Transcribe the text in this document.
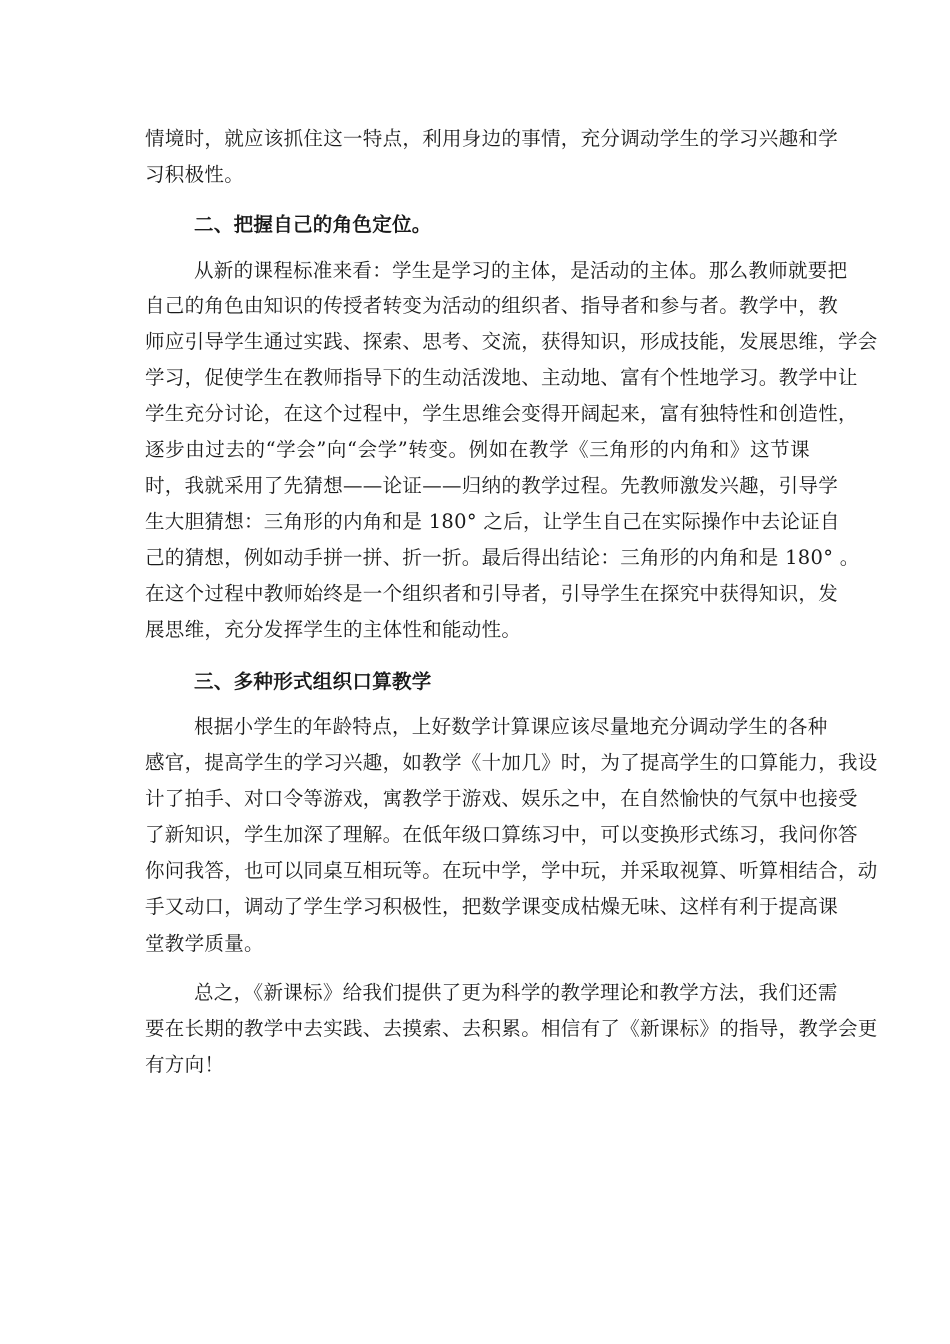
情境时，就应该抓住这一特点，利用身边的事情，充分调动学生的学习兴趣和学
习积极性。
二、把握自己的角色定位。
从新的课程标准来看：学生是学习的主体，是活动的主体。那么教师就要把
自己的角色由知识的传授者转变为活动的组织者、指导者和参与者。教学中，教
师应引导学生通过实践、探索、思考、交流，获得知识，形成技能，发展思维，学会
学习，促使学生在教师指导下的生动活泼地、主动地、富有个性地学习。教学中让
学生充分讨论，在这个过程中，学生思维会变得开阔起来，富有独特性和创造性，
逐步由过去的“学会”向“会学”转变。例如在教学《三角形的内角和》这节课
时，我就采用了先猜想——论证——归纳的教学过程。先教师激发兴趣，引导学
生大胆猜想：三角形的内角和是 180° 之后，让学生自己在实际操作中去论证自
己的猜想，例如动手拼一拼、折一折。最后得出结论：三角形的内角和是 180° 。
在这个过程中教师始终是一个组织者和引导者，引导学生在探究中获得知识，发
展思维，充分发挥学生的主体性和能动性。
三、多种形式组织口算教学
根据小学生的年龄特点，上好数学计算课应该尽量地充分调动学生的各种
感官，提高学生的学习兴趣，如教学《十加几》时，为了提高学生的口算能力，我设
计了拍手、对口令等游戏，寓教学于游戏、娱乐之中，在自然愉快的气氛中也接受
了新知识，学生加深了理解。在低年级口算练习中，可以变换形式练习，我问你答
你问我答，也可以同桌互相玩等。在玩中学，学中玩，并采取视算、听算相结合，动
手又动口，调动了学生学习积极性，把数学课变成枯燥无味、这样有利于提高课
堂教学质量。
总之，《新课标》给我们提供了更为科学的教学理论和教学方法，我们还需
要在长期的教学中去实践、去摸索、去积累。相信有了《新课标》的指导，教学会更
有方向！
